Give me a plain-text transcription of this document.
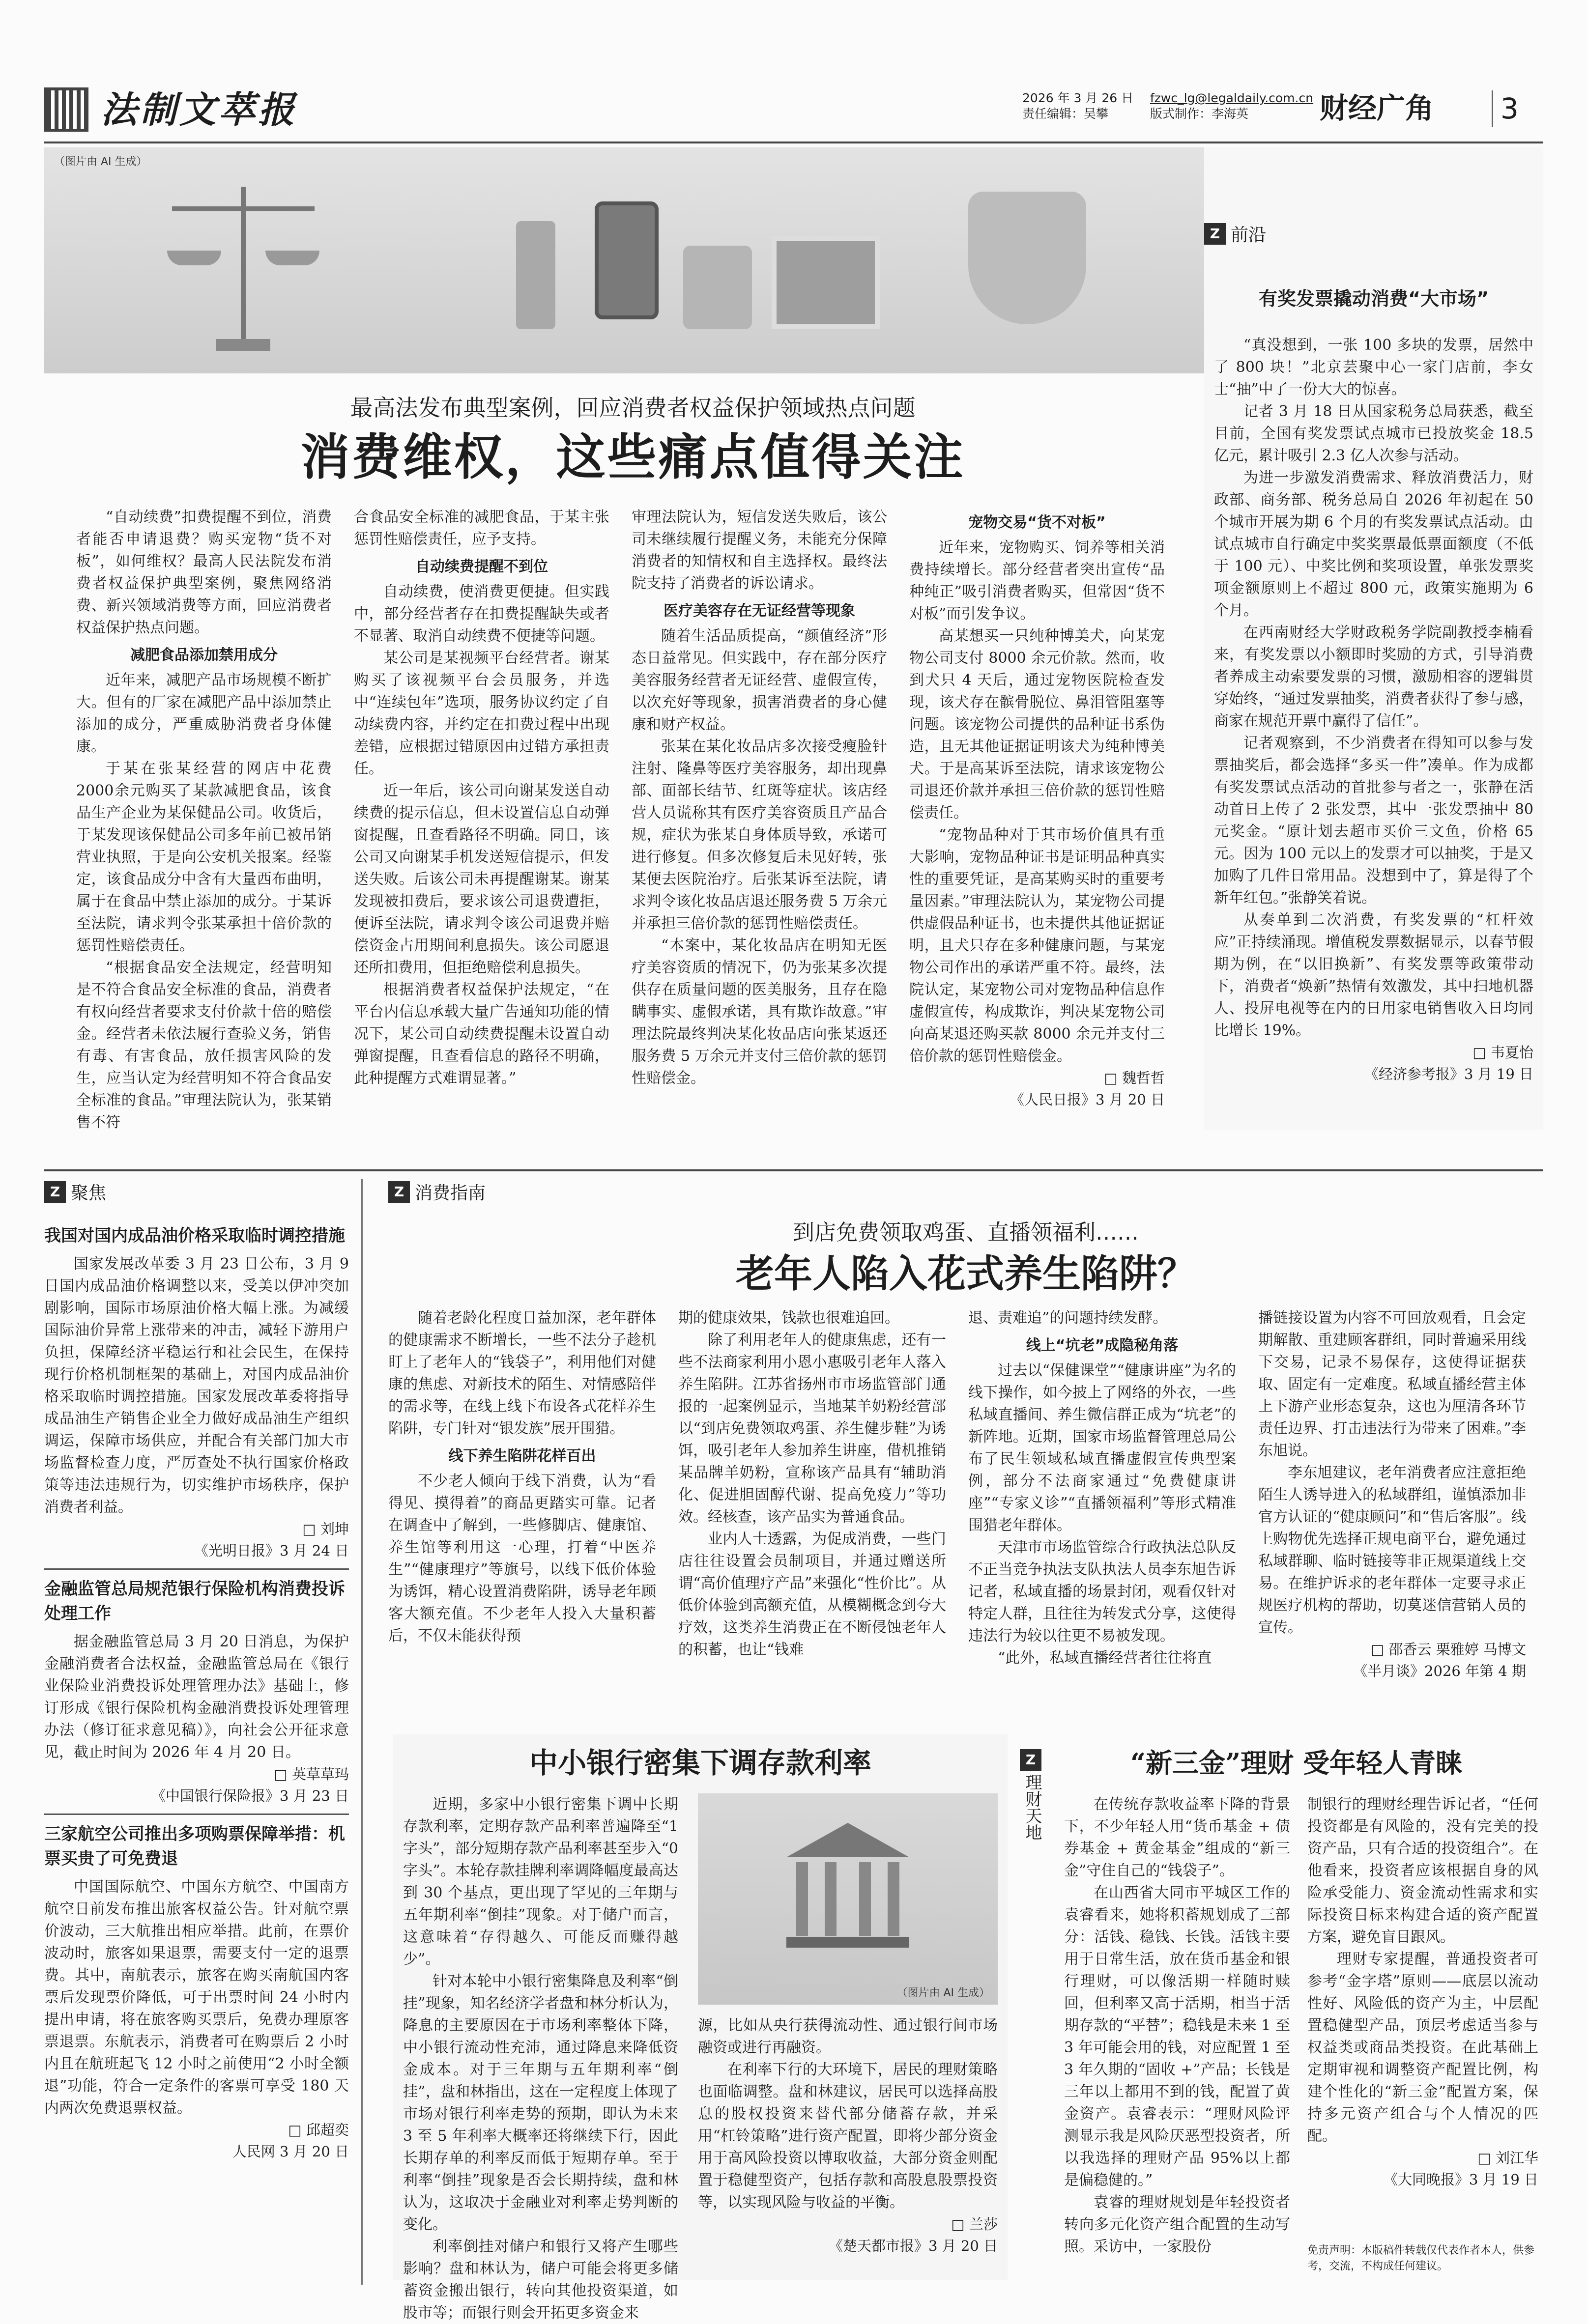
法制文萃报	2026 年 3 月 26 日
责任编辑：吴攀
fzwc_lg@legaldaily.com.cn
版式制作：李海英	财经广角 3
（图片由 AI 生成）
最高法发布典型案例，回应消费者权益保护领域热点问题
消费维权，这些痛点值得关注

“自动续费”扣费提醒不到位，消费者能否申请退费？购买宠物“货不对板”，如何维权？最高人民法院发布消费者权益保护典型案例，聚焦网络消费、新兴领域消费等方面，回应消费者权益保护热点问题。

减肥食品添加禁用成分

近年来，减肥产品市场规模不断扩大。但有的厂家在减肥产品中添加禁止添加的成分，严重威胁消费者身体健康。

于某在张某经营的网店中花费2000余元购买了某款减肥食品，该食品生产企业为某保健品公司。收货后，于某发现该保健品公司多年前已被吊销营业执照，于是向公安机关报案。经鉴定，该食品成分中含有大量西布曲明，属于在食品中禁止添加的成分。于某诉至法院，请求判令张某承担十倍价款的惩罚性赔偿责任。

“根据食品安全法规定，经营明知是不符合食品安全标准的食品，消费者有权向经营者要求支付价款十倍的赔偿金。经营者未依法履行查验义务，销售有毒、有害食品，放任损害风险的发生，应当认定为经营明知不符合食品安全标准的食品。”审理法院认为，张某销售不符

合食品安全标准的减肥食品，于某主张惩罚性赔偿责任，应予支持。

自动续费提醒不到位

自动续费，使消费更便捷。但实践中，部分经营者存在扣费提醒缺失或者不显著、取消自动续费不便捷等问题。

某公司是某视频平台经营者。谢某购买了该视频平台会员服务，并选中“连续包年”选项，服务协议约定了自动续费内容，并约定在扣费过程中出现差错，应根据过错原因由过错方承担责任。

近一年后，该公司向谢某发送自动续费的提示信息，但未设置信息自动弹窗提醒，且查看路径不明确。同日，该公司又向谢某手机发送短信提示，但发送失败。后该公司未再提醒谢某。谢某发现被扣费后，要求该公司退费遭拒，便诉至法院，请求判令该公司退费并赔偿资金占用期间利息损失。该公司愿退还所扣费用，但拒绝赔偿利息损失。

根据消费者权益保护法规定，“在平台内信息承载大量广告通知功能的情况下，某公司自动续费提醒未设置自动弹窗提醒，且查看信息的路径不明确，此种提醒方式难谓显著。”

审理法院认为，短信发送失败后，该公司未继续履行提醒义务，未能充分保障消费者的知情权和自主选择权。最终法院支持了消费者的诉讼请求。

医疗美容存在无证经营等现象

随着生活品质提高，“颜值经济”形态日益常见。但实践中，存在部分医疗美容服务经营者无证经营、虚假宣传，以次充好等现象，损害消费者的身心健康和财产权益。

张某在某化妆品店多次接受瘦脸针注射、隆鼻等医疗美容服务，却出现鼻部、面部长结节、红斑等症状。该店经营人员谎称其有医疗美容资质且产品合规，症状为张某自身体质导致，承诺可进行修复。但多次修复后未见好转，张某便去医院治疗。后张某诉至法院，请求判令该化妆品店退还服务费 5 万余元并承担三倍价款的惩罚性赔偿责任。

“本案中，某化妆品店在明知无医疗美容资质的情况下，仍为张某多次提供存在质量问题的医美服务，且存在隐瞒事实、虚假承诺，具有欺诈故意。”审理法院最终判决某化妆品店向张某返还服务费 5 万余元并支付三倍价款的惩罚性赔偿金。

宠物交易“货不对板”

近年来，宠物购买、饲养等相关消费持续增长。部分经营者突出宣传“品种纯正”吸引消费者购买，但常因“货不对板”而引发争议。

高某想买一只纯种博美犬，向某宠物公司支付 8000 余元价款。然而，收到犬只 4 天后，通过宠物医院检查发现，该犬存在髌骨脱位、鼻泪管阻塞等问题。该宠物公司提供的品种证书系伪造，且无其他证据证明该犬为纯种博美犬。于是高某诉至法院，请求该宠物公司退还价款并承担三倍价款的惩罚性赔偿责任。

“宠物品种对于其市场价值具有重大影响，宠物品种证书是证明品种真实性的重要凭证，是高某购买时的重要考量因素。”审理法院认为，某宠物公司提供虚假品种证书，也未提供其他证据证明，且犬只存在多种健康问题，与某宠物公司作出的承诺严重不符。最终，法院认定，某宠物公司对宠物品种信息作虚假宣传，构成欺诈，判决某宠物公司向高某退还购买款 8000 余元并支付三倍价款的惩罚性赔偿金。

□ 魏哲哲
《人民日报》3 月 20 日
Z 前沿
有奖发票撬动消费“大市场”

“真没想到，一张 100 多块的发票，居然中了 800 块！”北京芸聚中心一家门店前，李女士“抽”中了一份大大的惊喜。

记者 3 月 18 日从国家税务总局获悉，截至目前，全国有奖发票试点城市已投放奖金 18.5 亿元，累计吸引 2.3 亿人次参与活动。

为进一步激发消费需求、释放消费活力，财政部、商务部、税务总局自 2026 年初起在 50 个城市开展为期 6 个月的有奖发票试点活动。由试点城市自行确定中奖奖票最低票面额度（不低于 100 元）、中奖比例和奖项设置，单张发票奖项金额原则上不超过 800 元，政策实施期为 6 个月。

在西南财经大学财政税务学院副教授李楠看来，有奖发票以小额即时奖励的方式，引导消费者养成主动索要发票的习惯，激励相容的逻辑贯穿始终，“通过发票抽奖，消费者获得了参与感，商家在规范开票中赢得了信任”。

记者观察到，不少消费者在得知可以参与发票抽奖后，都会选择“多买一件”凑单。作为成都有奖发票试点活动的首批参与者之一，张静在活动首日上传了 2 张发票，其中一张发票抽中 80 元奖金。“原计划去超市买价三文鱼，价格 65 元。因为 100 元以上的发票才可以抽奖，于是又加购了几件日常用品。没想到中了，算是得了个新年红包。”张静笑着说。

从奏单到二次消费，有奖发票的“杠杆效应”正持续涌现。增值税发票数据显示，以春节假期为例，在“以旧换新”、有奖发票等政策带动下，消费者“焕新”热情有效激发，其中扫地机器人、投屏电视等在内的日用家电销售收入日均同比增长 19%。

□ 韦夏怡
《经济参考报》3 月 19 日
Z 聚焦
我国对国内成品油价格采取临时调控措施

国家发展改革委 3 月 23 日公布，3 月 9 日国内成品油价格调整以来，受美以伊冲突加剧影响，国际市场原油价格大幅上涨。为减缓国际油价异常上涨带来的冲击，减轻下游用户负担，保障经济平稳运行和社会民生，在保持现行价格机制框架的基础上，对国内成品油价格采取临时调控措施。国家发展改革委将指导成品油生产销售企业全力做好成品油生产组织调运，保障市场供应，并配合有关部门加大市场监督检查力度，严厉查处不执行国家价格政策等违法违规行为，切实维护市场秩序，保护消费者利益。

□ 刘坤
《光明日报》3 月 24 日
金融监管总局规范银行保险机构消费投诉处理工作

据金融监管总局 3 月 20 日消息，为保护金融消费者合法权益，金融监管总局在《银行业保险业消费投诉处理管理办法》基础上，修订形成《银行保险机构金融消费投诉处理管理办法（修订征求意见稿）》，向社会公开征求意见，截止时间为 2026 年 4 月 20 日。

□ 英草草玛
《中国银行保险报》3 月 23 日
三家航空公司推出多项购票保障举措：机票买贵了可免费退

中国国际航空、中国东方航空、中国南方航空日前发布推出旅客权益公告。针对航空票价波动，三大航推出相应举措。此前，在票价波动时，旅客如果退票，需要支付一定的退票费。其中，南航表示，旅客在购买南航国内客票后发现票价降低，可于出票时间 24 小时内提出申请，将在旅客购买票后，免费办理原客票退票。东航表示，消费者可在购票后 2 小时内且在航班起飞 12 小时之前使用“2 小时全额退”功能，符合一定条件的客票可享受 180 天内两次免费退票权益。

□ 邱超奕
人民网 3 月 20 日
Z 消费指南
到店免费领取鸡蛋、直播领福利……
老年人陷入花式养生陷阱？

随着老龄化程度日益加深，老年群体的健康需求不断增长，一些不法分子趁机盯上了老年人的“钱袋子”，利用他们对健康的焦虑、对新技术的陌生、对情感陪伴的需求等，在线上线下布设各式花样养生陷阱，专门针对“银发族”展开围猎。

线下养生陷阱花样百出

不少老人倾向于线下消费，认为“看得见、摸得着”的商品更踏实可靠。记者在调查中了解到，一些修脚店、健康馆、养生馆等利用这一心理，打着“中医养生”“健康理疗”等旗号，以线下低价体验为诱饵，精心设置消费陷阱，诱导老年顾客大额充值。不少老年人投入大量积蓄后，不仅未能获得预

期的健康效果，钱款也很难追回。

除了利用老年人的健康焦虑，还有一些不法商家利用小恩小惠吸引老年人落入养生陷阱。江苏省扬州市市场监管部门通报的一起案例显示，当地某羊奶粉经营部以“到店免费领取鸡蛋、养生健步鞋”为诱饵，吸引老年人参加养生讲座，借机推销某品牌羊奶粉，宣称该产品具有“辅助消化、促进胆固醇代谢、提高免疫力”等功效。经核查，该产品实为普通食品。

业内人士透露，为促成消费，一些门店往往设置会员制项目，并通过赠送所谓“高价值理疗产品”来强化“性价比”。从低价体验到高额充值，从模糊概念到夸大疗效，这类养生消费正在不断侵蚀老年人的积蓄，也让“钱难

退、责难追”的问题持续发酵。

线上“坑老”成隐秘角落

过去以“保健课堂”“健康讲座”为名的线下操作，如今披上了网络的外衣，一些私域直播间、养生微信群正成为“坑老”的新阵地。近期，国家市场监督管理总局公布了民生领域私域直播虚假宣传典型案例，部分不法商家通过“免费健康讲座”“专家义诊”“直播领福利”等形式精准围猎老年群体。

天津市市场监管综合行政执法总队反不正当竞争执法支队执法人员李东旭告诉记者，私域直播的场景封闭，观看仅针对特定人群，且往往为转发式分享，这使得违法行为较以往更不易被发现。

“此外，私域直播经营者往往将直

播链接设置为内容不可回放观看，且会定期解散、重建顾客群组，同时普遍采用线下交易，记录不易保存，这使得证据获取、固定有一定难度。私域直播经营主体上下游产业形态复杂，这也为厘清各环节责任边界、打击违法行为带来了困难。”李东旭说。

李东旭建议，老年消费者应注意拒绝陌生人诱导进入的私域群组，谨慎添加非官方认证的“健康顾问”和“售后客服”。线上购物优先选择正规电商平台，避免通过私域群聊、临时链接等非正规渠道线上交易。在维护诉求的老年群体一定要寻求正规医疗机构的帮助，切莫迷信营销人员的宣传。

□ 邵香云 栗雅婷 马博文
《半月谈》2026 年第 4 期
中小银行密集下调存款利率

近期，多家中小银行密集下调中长期存款利率，定期存款产品利率普遍降至“1 字头”，部分短期存款产品利率甚至步入“0 字头”。本轮存款挂牌利率调降幅度最高达到 30 个基点，更出现了罕见的三年期与五年期利率“倒挂”现象。对于储户而言，这意味着“存得越久、可能反而赚得越少”。

针对本轮中小银行密集降息及利率“倒挂”现象，知名经济学者盘和林分析认为，降息的主要原因在于市场利率整体下降，中小银行流动性充沛，通过降息来降低资金成本。对于三年期与五年期利率“倒挂”，盘和林指出，这在一定程度上体现了市场对银行利率走势的预期，即认为未来 3 至 5 年利率大概率还将继续下行，因此长期存单的利率反而低于短期存单。至于利率“倒挂”现象是否会长期持续，盘和林认为，这取决于金融业对利率走势判断的变化。

利率倒挂对储户和银行又将产生哪些影响？盘和林认为，储户可能会将更多储蓄资金搬出银行，转向其他投资渠道，如股市等；而银行则会开拓更多资金来

（图片由 AI 生成）

源，比如从央行获得流动性、通过银行间市场融资或进行再融资。

在利率下行的大环境下，居民的理财策略也面临调整。盘和林建议，居民可以选择高股息的股权投资来替代部分储蓄存款，并采用“杠铃策略”进行资产配置，即将少部分资金用于高风险投资以博取收益，大部分资金则配置于稳健型资产，包括存款和高股息股票投资等，以实现风险与收益的平衡。

□ 兰莎
《楚天都市报》3 月 20 日
Z
理财天地
“新三金”理财 受年轻人青睐

在传统存款收益率下降的背景下，不少年轻人用“货币基金 + 债券基金 + 黄金基金”组成的“新三金”守住自己的“钱袋子”。

在山西省大同市平城区工作的袁睿看来，她将积蓄规划成了三部分：活钱、稳钱、长钱。活钱主要用于日常生活，放在货币基金和银行理财，可以像活期一样随时赎回，但利率又高于活期，相当于活期存款的“平替”；稳钱是未来 1 至 3 年可能会用的钱，对应配置 1 至 3 年久期的“固收 +”产品；长钱是三年以上都用不到的钱，配置了黄金资产。袁睿表示：“理财风险评测显示我是风险厌恶型投资者，所以我选择的理财产品 95%以上都是偏稳健的。”

袁睿的理财规划是年轻投资者转向多元化资产组合配置的生动写照。采访中，一家股份

制银行的理财经理告诉记者，“任何投资都是有风险的，没有完美的投资产品，只有合适的投资组合”。在他看来，投资者应该根据自身的风险承受能力、资金流动性需求和实际投资目标来构建合适的资产配置方案，避免盲目跟风。

理财专家提醒，普通投资者可参考“金字塔”原则——底层以流动性好、风险低的资产为主，中层配置稳健型产品，顶层考虑适当参与权益类或商品类投资。在此基础上定期审视和调整资产配置比例，构建个性化的“新三金”配置方案，保持多元资产组合与个人情况的匹配。

□ 刘江华
《大同晚报》3 月 19 日
免责声明：本版稿件转载仅代表作者本人，供参考，交流，不构成任何建议。
